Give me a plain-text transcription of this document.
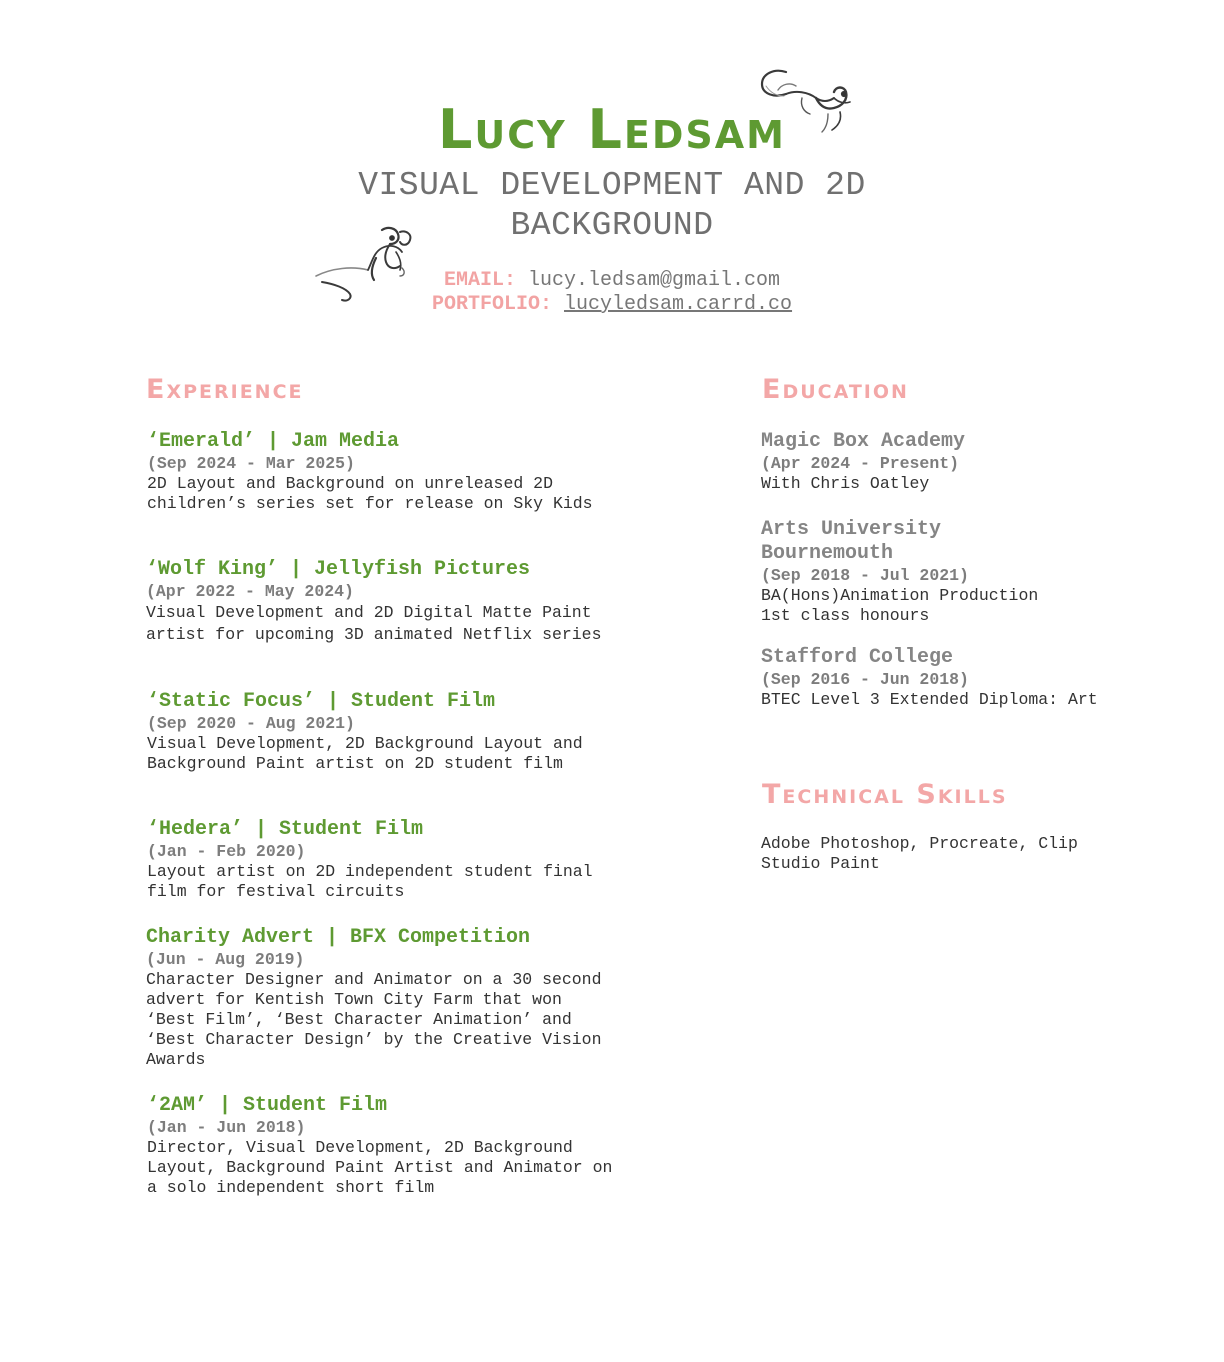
Lucy Ledsam
VISUAL DEVELOPMENT AND 2D BACKGROUND
EMAIL: lucy.ledsam@gmail.com
PORTFOLIO: lucyledsam.carrd.co
Experience
‘Emerald’ | Jam Media
(Sep 2024 - Mar 2025)
2D Layout and Background on unreleased 2D children’s series set for release on Sky Kids
‘Wolf King’ | Jellyfish Pictures
(Apr 2022 - May 2024)
Visual Development and 2D Digital Matte Paint artist for upcoming 3D animated Netflix series
‘Static Focus’ | Student Film
(Sep 2020 - Aug 2021)
Visual Development, 2D Background Layout and Background Paint artist on 2D student film
‘Hedera’ | Student Film
(Jan - Feb 2020)
Layout artist on 2D independent student final film for festival circuits
Charity Advert | BFX Competition
(Jun - Aug 2019)
Character Designer and Animator on a 30 second advert for Kentish Town City Farm that won ‘Best Film’, ‘Best Character Animation’ and ‘Best Character Design’ by the Creative Vision Awards
‘2AM’ | Student Film
(Jan - Jun 2018)
Director, Visual Development, 2D Background Layout, Background Paint Artist and Animator on a solo independent short film
Education
Magic Box Academy
(Apr 2024 - Present)
With Chris Oatley
Arts University Bournemouth
(Sep 2018 - Jul 2021)
BA(Hons)Animation Production 1st class honours
Stafford College
(Sep 2016 - Jun 2018)
BTEC Level 3 Extended Diploma: Art
Technical Skills
Adobe Photoshop, Procreate, Clip Studio Paint
